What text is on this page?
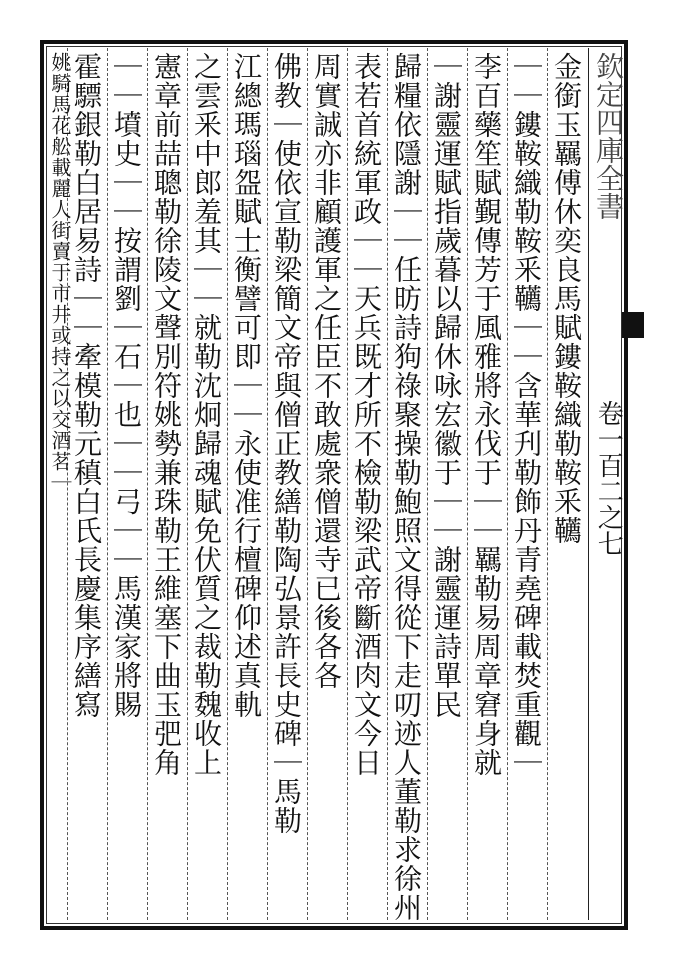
欽定四庫全書
卷一百二之七
金銜玉羈傅休奕良馬賦鏤鞍織勒鞍釆韉
｜｜鏤鞍織勒鞍釆韉｜｜含華刋勒飾丹青堯碑載焚重觀｜
李百藥笙賦覲傳芳于風雅將永伐于｜｜羈勒易周章窘身就
｜謝靈運賦指歲暮以歸休咏宏徽于｜｜謝靈運詩單民
歸糧依隱謝｜｜任昉詩狗祿聚操勒鮑照文得從下走叨迹人董勒求徐州
表若首統軍政｜｜天兵既才所不檢勒梁武帝斷酒肉文今日
周實誠亦非顧護軍之任臣不敢處衆僧還寺已後各各
佛教｜使依宣勒梁簡文帝與僧正教繕勒陶弘景許長史碑｜馬勒
江總瑪瑙盌賦士衡譬可即｜｜永使准行檀碑仰述真軌
之雲釆中郎羞其｜｜就勒沈炯歸魂賦免伏質之裁勒魏收上
憲章前喆聰勒徐陵文聲別符姚勢兼珠勒王維塞下曲玉弝角
｜｜墳史｜｜按謂劉｜石｜也｜｜弓｜｜馬漢家將賜
霍驃銀勒白居易詩｜｜牽模勒元稹白氏長慶集序繕寫
姚騎馬花舩載麗人街賣于市井或持之以交酒茗｜
